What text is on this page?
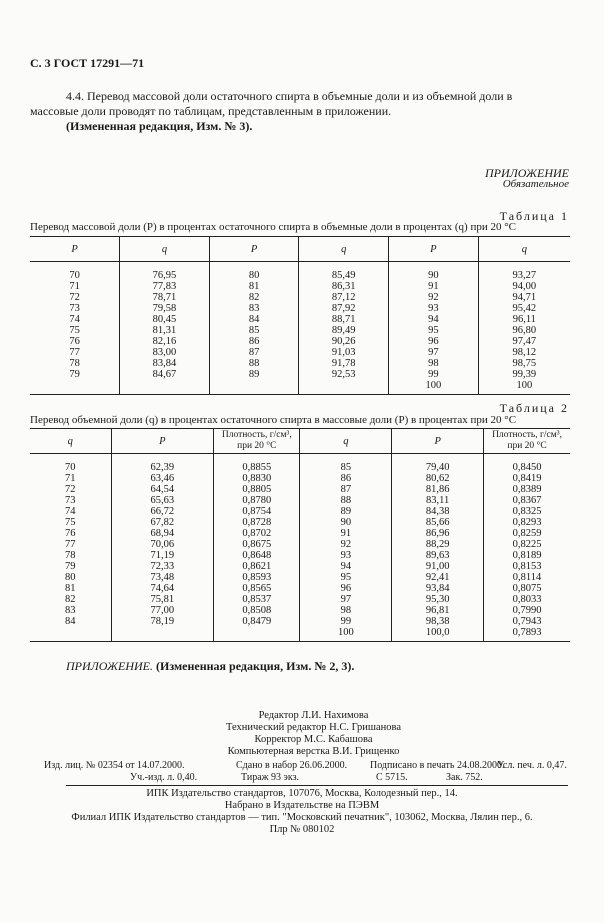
С. 3 ГОСТ 17291—71
4.4. Перевод массовой доли остаточного спирта в объемные доли и из объемной доли в
массовые доли проводят по таблицам, представленным в приложении.
(Измененная редакция, Изм. № 3).
ПРИЛОЖЕНИЕ
Обязательное
Таблица 1
Перевод массовой доли (P) в процентах остаточного спирта в объемные доли в процентах (q) при 20 °С
P	q	P	q	P	q
70	76,95	80	85,49	90	93,27
71	77,83	81	86,31	91	94,00
72	78,71	82	87,12	92	94,71
73	79,58	83	87,92	93	95,42
74	80,45	84	88,71	94	96,11
75	81,31	85	89,49	95	96,80
76	82,16	86	90,26	96	97,47
77	83,00	87	91,03	97	98,12
78	83,84	88	91,78	98	98,75
79	84,67	89	92,53	99	99,39
				100	100
Таблица 2
Перевод объемной доли (q) в процентах остаточного спирта в массовые доли (P) в процентах при 20 °С
q	P	Плотность, г/см³, при 20 °С	q	P	Плотность, г/см³, при 20 °С
70	62,39	0,8855	85	79,40	0,8450
71	63,46	0,8830	86	80,62	0,8419
72	64,54	0,8805	87	81,86	0,8389
73	65,63	0,8780	88	83,11	0,8367
74	66,72	0,8754	89	84,38	0,8325
75	67,82	0,8728	90	85,66	0,8293
76	68,94	0,8702	91	86,96	0,8259
77	70,06	0,8675	92	88,29	0,8225
78	71,19	0,8648	93	89,63	0,8189
79	72,33	0,8621	94	91,00	0,8153
80	73,48	0,8593	95	92,41	0,8114
81	74,64	0,8565	96	93,84	0,8075
82	75,81	0,8537	97	95,30	0,8033
83	77,00	0,8508	98	96,81	0,7990
84	78,19	0,8479	99	98,38	0,7943
			100	100,0	0,7893
ПРИЛОЖЕНИЕ. (Измененная редакция, Изм. № 2, 3).
Редактор Л.И. Нахимова
Технический редактор Н.С. Гришанова
Корректор М.С. Кабашова
Компьютерная верстка В.И. Грищенко
Изд. лиц. № 02354 от 14.07.2000.	Сдано в набор 26.06.2000. Подписано в печать 24.08.2000.
Усл. печ. л. 0,47.
Уч.-изд. л. 0,40.	Тираж 93 экз.	С 5715.	Зак. 752.
ИПК Издательство стандартов, 107076, Москва, Колодезный пер., 14.
Набрано в Издательстве на ПЭВМ
Филиал ИПК Издательство стандартов — тип. "Московский печатник", 103062, Москва, Лялин пер., 6.
Плр № 080102
